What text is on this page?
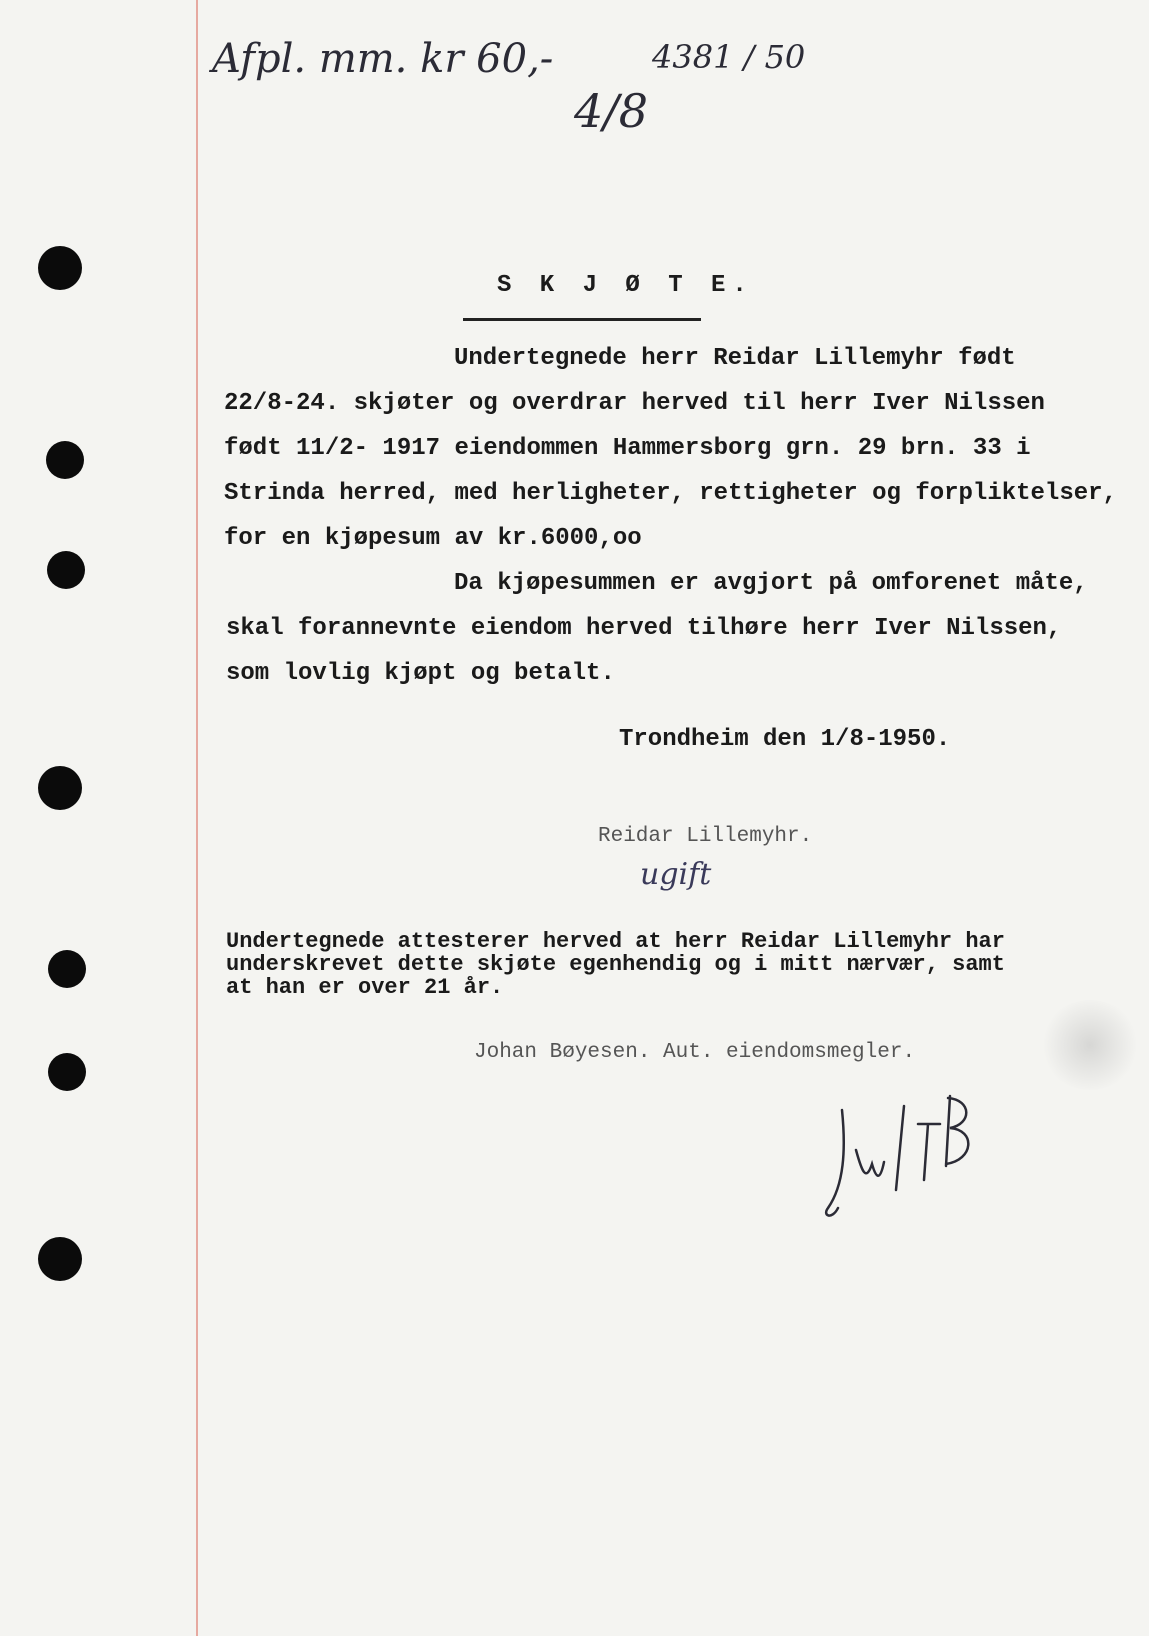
Afpl. mm. kr 60,-	4381 / 50
4/8
S K J Ø T E.
Undertegnede herr Reidar Lillemyhr født
22/8-24. skjøter og overdrar herved til herr Iver Nilssen
født 11/2- 1917 eiendommen Hammersborg grn. 29 brn. 33 i
Strinda herred, med herligheter, rettigheter og forpliktelser,
for en kjøpesum av kr.6000,oo
Da kjøpesummen er avgjort på omforenet måte,
skal forannevnte eiendom herved tilhøre herr Iver Nilssen,
som lovlig kjøpt og betalt.
Trondheim den 1/8-1950.
Reidar Lillemyhr.
ugift
Undertegnede attesterer herved at herr Reidar Lillemyhr har
underskrevet dette skjøte egenhendig og i mitt nærvær, samt
at han er over 21 år.
Johan Bøyesen. Aut. eiendomsmegler.
